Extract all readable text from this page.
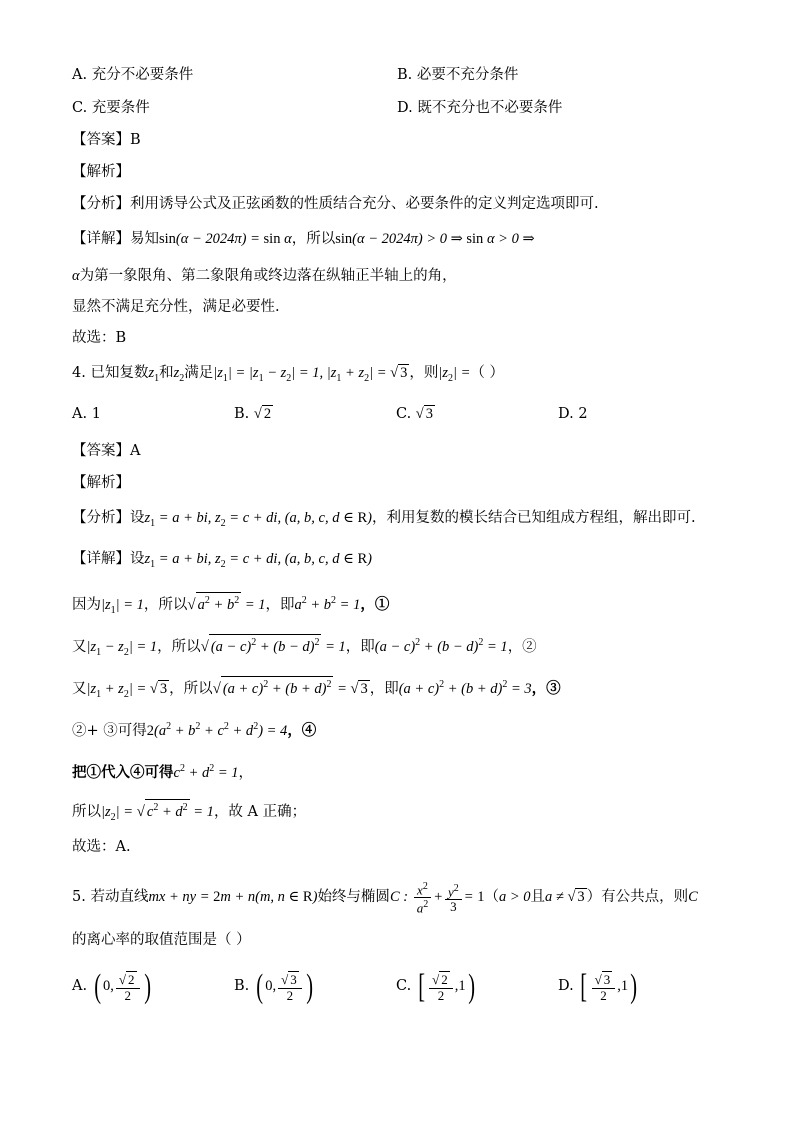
A. 充分不必要条件	B. 必要不充分条件
C. 充要条件	D. 既不充分也不必要条件
【答案】B
【解析】
【分析】利用诱导公式及正弦函数的性质结合充分、必要条件的定义判定选项即可.
【详解】易知sin(α − 2024π) = sin α，所以sin(α − 2024π) > 0 ⇒ sin α > 0 ⇒
α为第一象限角、第二象限角或终边落在纵轴正半轴上的角，
显然不满足充分性，满足必要性.
故选：B
4. 已知复数$z_1$和$z_2$满足$|z_1| = |z_1 - z_2| = 1$, $|z_1 + z_2|$ = √ 3 ，则$|z_2|$ =（ ）
A. 1	B. √ 2	C. √ 3	D. 2
【答案】A
【解析】
【分析】设$z_1 = a$ + bi, $z_2 = c$ + di, (a, b, c, d ∈ R)，利用复数的模长结合已知组成方程组，解出即可.
【详解】设$z_1 = a$ + bi, $z_2 = c$ + di, (a, b, c, d ∈ R)
因为$|z_1| = 1$，所以√ $a^2 + b^2 = 1$，即$a^2 + b^2 = 1$，①
又$|z_1 - z_2| = 1$，所以√ $(a - c)^2 + (b - d)^2 = 1$，即$(a - c)^2 + (b - d)^2 = 1$，②
又$|z_1 + z_2|$ = √ 3 ，所以√ $(a + c)^2 + (b + d)^2$ = √ 3 ，即$(a + c)^2 + (b + d)^2 = 3$，③
②+ ③可得$2(a^2 + b^2 + c^2 + d^2) = 4$，④
把①代入④可得$c^2 + d^2 = 1$，
所以$|z_2|$ = √ $c^2 + d^2 = 1$，故 A 正确；
故选：A.
5. 若动直线mx + ny = 2m + n(m, n ∈ R)始终与椭圆C : $\frac{x^2}{a^2} + \frac{y^2}{3} = 1(a > 0$且a ≠ √ 3 ）有公共点，则C
的离心率的取值范围是（ ）
A. ( 0, $\frac{√ 2}{2}$ )	B. ( 0, $\frac{√ 3}{2}$ )	C. [ $\frac{√ 2}{2} ,1$)	D. [ $\frac{√ 3}{2} ,1$)
